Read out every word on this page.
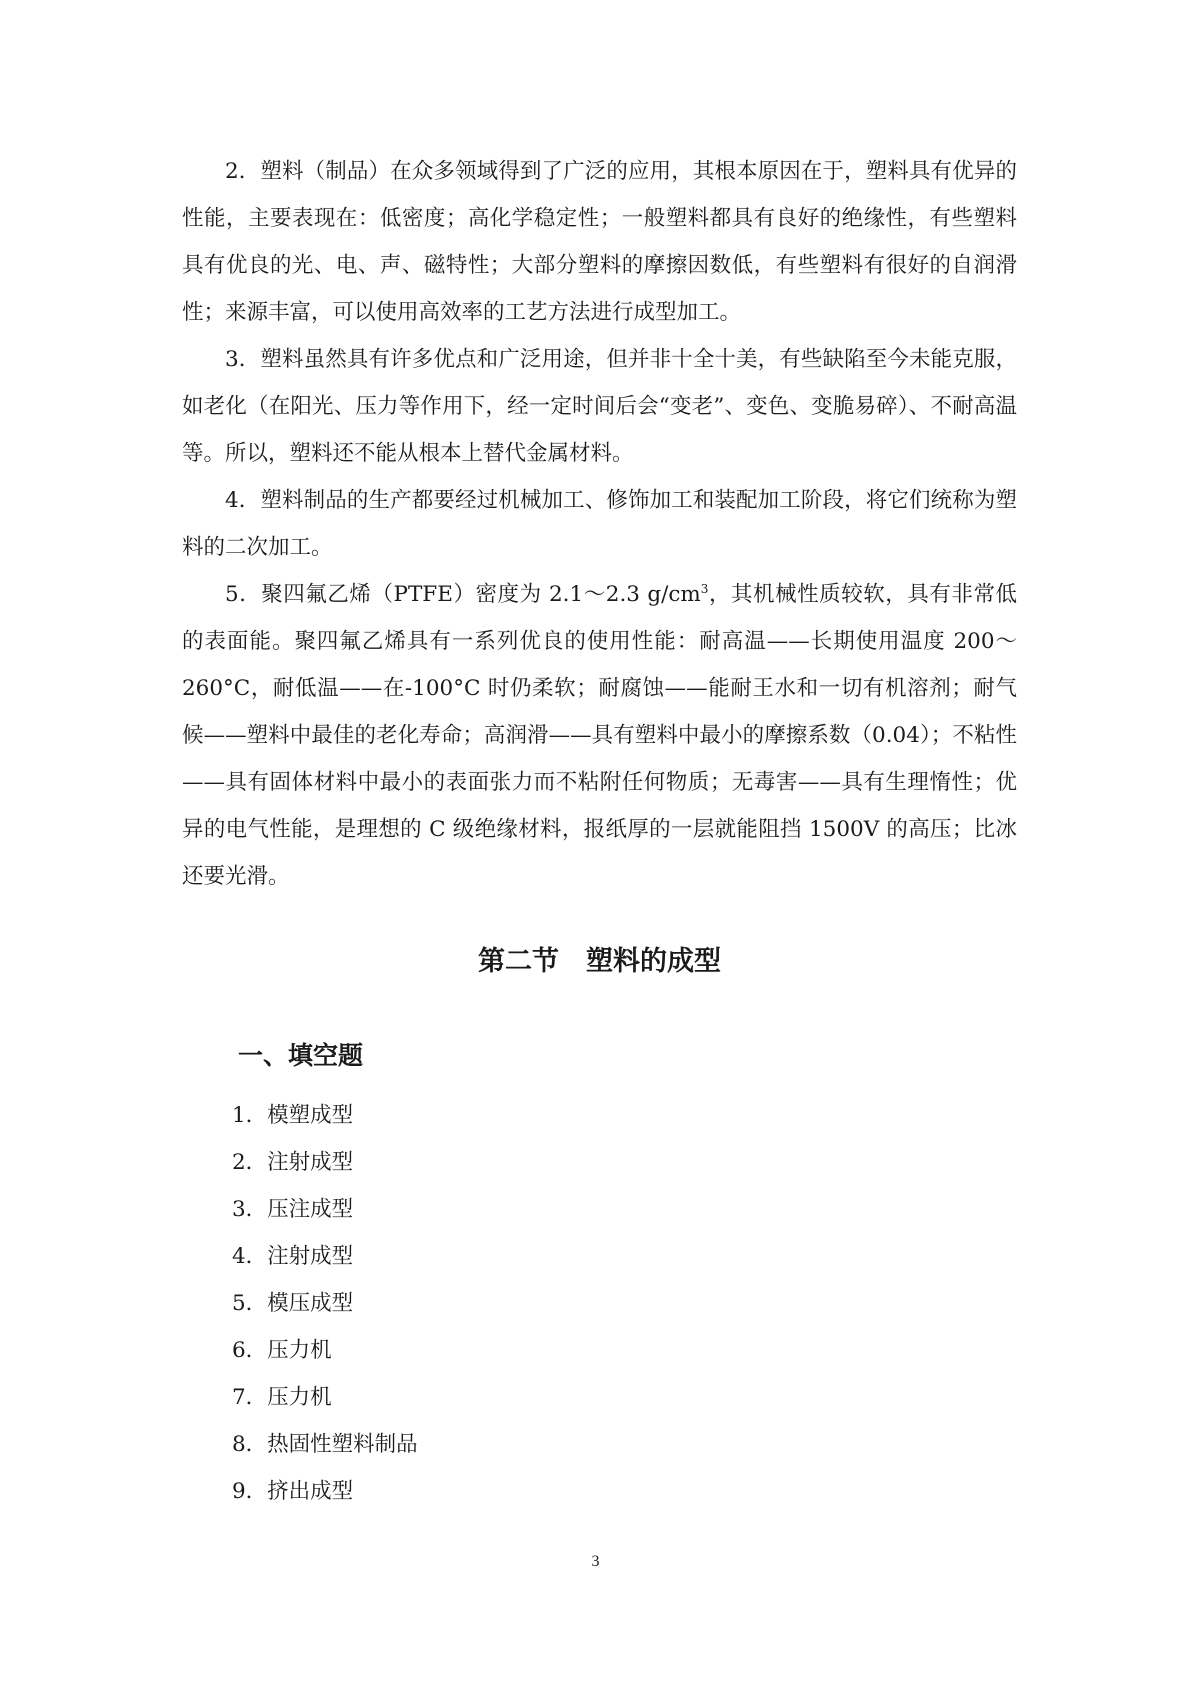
2．塑料（制品）在众多领域得到了广泛的应用，其根本原因在于，塑料具有优异的性能，主要表现在：低密度；高化学稳定性；一般塑料都具有良好的绝缘性，有些塑料具有优良的光、电、声、磁特性；大部分塑料的摩擦因数低，有些塑料有很好的自润滑性；来源丰富，可以使用高效率的工艺方法进行成型加工。

3．塑料虽然具有许多优点和广泛用途，但并非十全十美，有些缺陷至今未能克服，如老化（在阳光、压力等作用下，经一定时间后会“变老”、变色、变脆易碎）、不耐高温等。所以，塑料还不能从根本上替代金属材料。

4．塑料制品的生产都要经过机械加工、修饰加工和装配加工阶段，将它们统称为塑料的二次加工。

5．聚四氟乙烯（PTFE）密度为 2.1～2.3 $g/cm^3$，其机械性质较软，具有非常低的表面能。聚四氟乙烯具有一系列优良的使用性能：耐高温——长期使用温度 200～260°C，耐低温——在-100°C 时仍柔软；耐腐蚀——能耐王水和一切有机溶剂；耐气候——塑料中最佳的老化寿命；高润滑——具有塑料中最小的摩擦系数（0.04）；不粘性——具有固体材料中最小的表面张力而不粘附任何物质；无毒害——具有生理惰性；优异的电气性能，是理想的 C 级绝缘材料，报纸厚的一层就能阻挡 1500V 的高压；比冰还要光滑。

第二节　塑料的成型
一、填空题
1．模塑成型
2．注射成型
3．压注成型
4．注射成型
5．模压成型
6．压力机
7．压力机
8．热固性塑料制品
9．挤出成型
3
